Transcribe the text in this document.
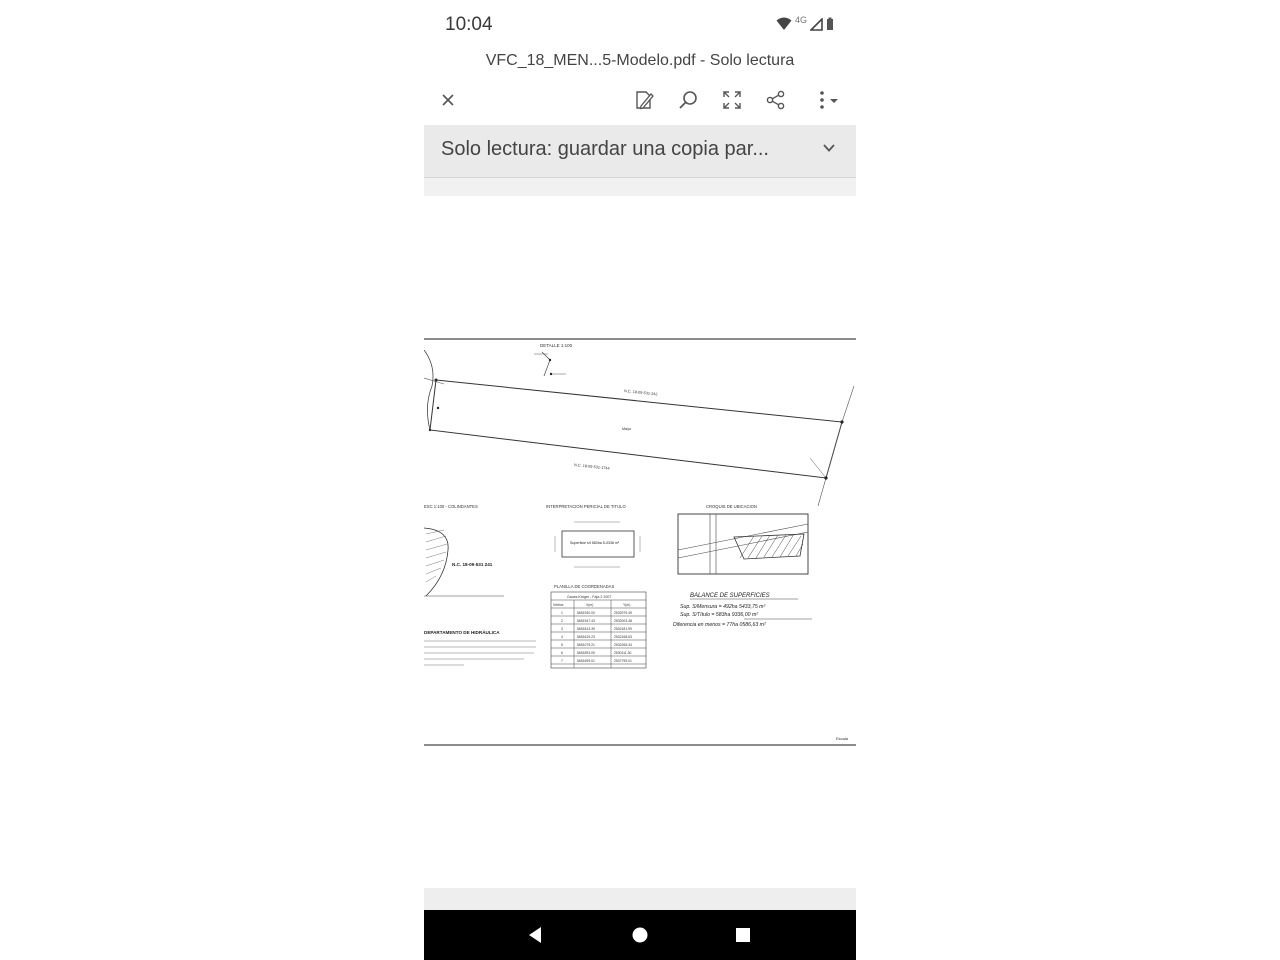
10:04	4G
VFC_18_MEN...5-Modelo.pdf - Solo lectura
Solo lectura: guardar una copia par...
DETALLE 1:100
N.C. 18-09-531-242
Mayo
N.C. 18-09-531-1744
ESC 1:100 - COLINDANTES
N.C. 18-09-531 241
DEPARTAMENTO DE HIDRÁULICA
INTERPRETACION PERICIAL DE TITULO
Superficie s/t 583ha 5-0336 m²
CROQUIS DE UBICACION
PLANILLA DE COORDENADAS
Gauss Krüger - Faja 2 2007
Vértice	X(m)	Y(m)
1	6651930.00	2532979.49
2	6651947.43	2532003.48
3	6651813.39	2532181.99
4	6651619.23	2532168.63
5	6651075.21	2532265.34
6	6651893.09	2530111.30
7	6651695.01	2537795.01
BALANCE DE SUPERFICIES
Sup. S/Mensura = 492ha 5433,75 m²
Sup. S/Título = 583ha 9336,00 m²
Diferencia en menos = 77ha 0586,63 m²
Escala
